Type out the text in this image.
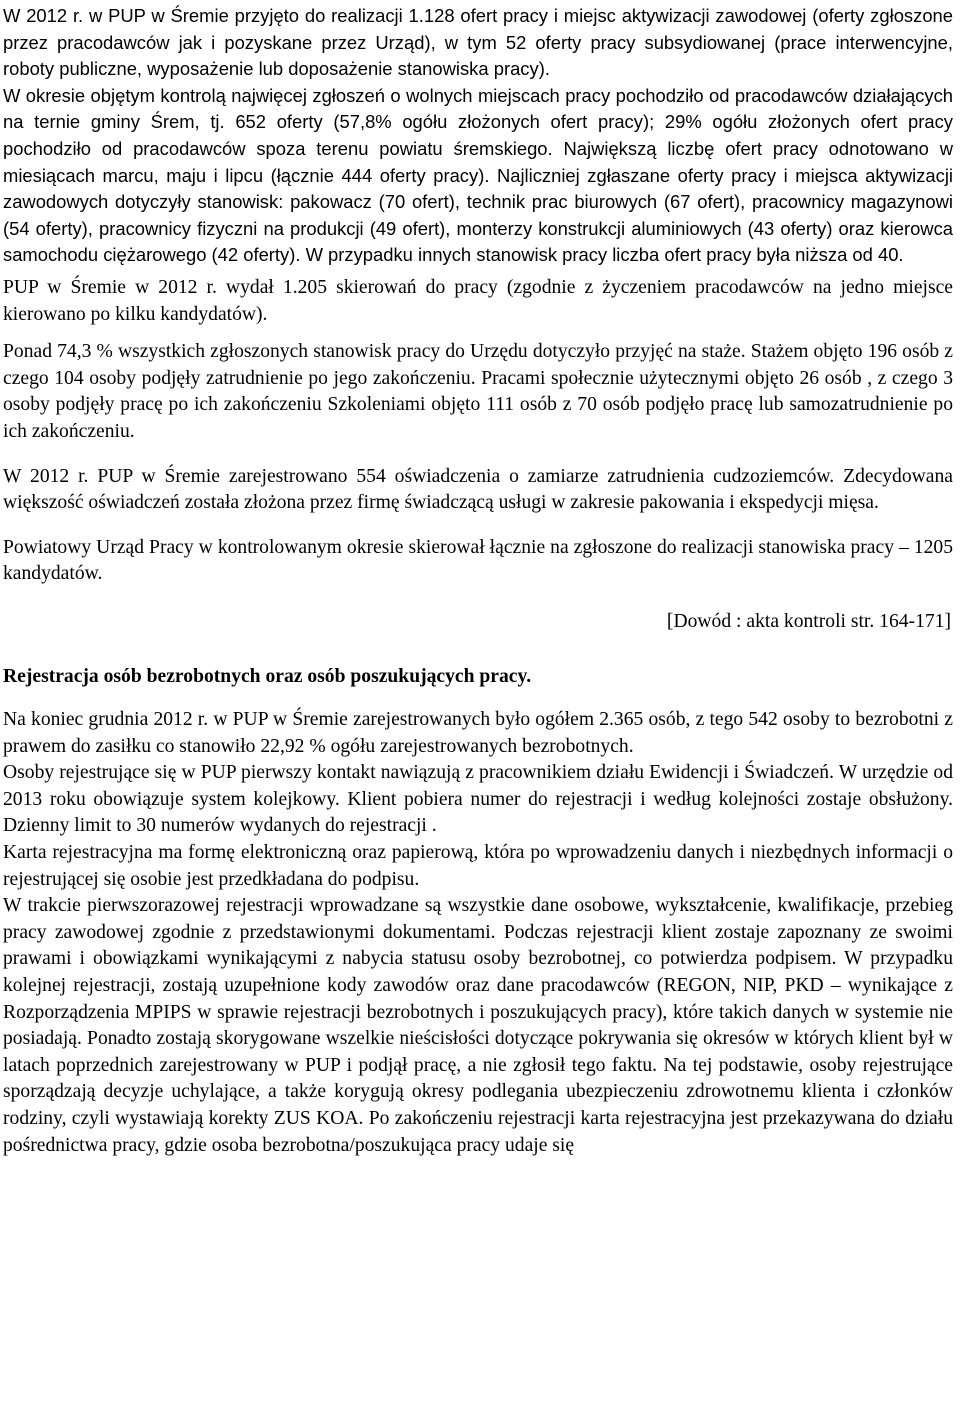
W 2012 r. w PUP w Śremie przyjęto do realizacji 1.128 ofert pracy i miejsc aktywizacji zawodowej (oferty zgłoszone przez pracodawców jak i pozyskane przez Urząd), w tym 52 oferty pracy subsydiowanej (prace interwencyjne, roboty publiczne, wyposażenie lub doposażenie stanowiska pracy).

W okresie objętym kontrolą najwięcej zgłoszeń o wolnych miejscach pracy pochodziło od pracodawców działających na ternie gminy Śrem, tj. 652 oferty (57,8% ogółu złożonych ofert pracy); 29% ogółu złożonych ofert pracy pochodziło od pracodawców spoza terenu powiatu śremskiego. Największą liczbę ofert pracy odnotowano w miesiącach marcu, maju i lipcu (łącznie 444 oferty pracy). Najliczniej zgłaszane oferty pracy i miejsca aktywizacji zawodowych dotyczyły stanowisk: pakowacz (70 ofert), technik prac biurowych (67 ofert), pracownicy magazynowi (54 oferty), pracownicy fizyczni na produkcji (49 ofert), monterzy konstrukcji aluminiowych (43 oferty) oraz kierowca samochodu ciężarowego (42 oferty). W przypadku innych stanowisk pracy liczba ofert pracy była niższa od 40.

PUP w Śremie w 2012 r. wydał 1.205 skierowań do pracy (zgodnie z życzeniem pracodawców na jedno miejsce kierowano po kilku kandydatów).

Ponad 74,3 % wszystkich zgłoszonych stanowisk pracy do Urzędu dotyczyło przyjęć na staże. Stażem objęto 196 osób z czego 104 osoby podjęły zatrudnienie po jego zakończeniu. Pracami społecznie użytecznymi objęto 26 osób , z czego 3 osoby podjęły pracę po ich zakończeniu Szkoleniami objęto 111 osób z 70 osób podjęło pracę lub samozatrudnienie po ich zakończeniu.

W 2012 r. PUP w Śremie zarejestrowano 554 oświadczenia o zamiarze zatrudnienia cudzoziemców. Zdecydowana większość oświadczeń została złożona przez firmę świadczącą usługi w zakresie pakowania i ekspedycji mięsa.

Powiatowy Urząd Pracy w kontrolowanym okresie skierował łącznie na zgłoszone do realizacji stanowiska pracy – 1205 kandydatów.

[Dowód : akta kontroli str. 164-171]

Rejestracja osób bezrobotnych oraz osób poszukujących pracy.

Na koniec grudnia 2012 r. w PUP w Śremie zarejestrowanych było ogółem 2.365 osób, z tego 542 osoby to bezrobotni z prawem do zasiłku co stanowiło 22,92 % ogółu zarejestrowanych bezrobotnych.

Osoby rejestrujące się w PUP pierwszy kontakt nawiązują z pracownikiem działu Ewidencji i Świadczeń. W urzędzie od 2013 roku obowiązuje system kolejkowy. Klient pobiera numer do rejestracji i według kolejności zostaje obsłużony. Dzienny limit to 30 numerów wydanych do rejestracji .

Karta rejestracyjna ma formę elektroniczną oraz papierową, która po wprowadzeniu danych i niezbędnych informacji o rejestrującej się osobie jest przedkładana do podpisu.

W trakcie pierwszorazowej rejestracji wprowadzane są wszystkie dane osobowe, wykształcenie, kwalifikacje, przebieg pracy zawodowej zgodnie z przedstawionymi dokumentami. Podczas rejestracji klient zostaje zapoznany ze swoimi prawami i obowiązkami wynikającymi z nabycia statusu osoby bezrobotnej, co potwierdza podpisem. W przypadku kolejnej rejestracji, zostają uzupełnione kody zawodów oraz dane pracodawców (REGON, NIP, PKD – wynikające z Rozporządzenia MPIPS w sprawie rejestracji bezrobotnych i poszukujących pracy), które takich danych w systemie nie posiadają. Ponadto zostają skorygowane wszelkie nieścisłości dotyczące pokrywania się okresów w których klient był w latach poprzednich zarejestrowany w PUP i podjął pracę, a nie zgłosił tego faktu. Na tej podstawie, osoby rejestrujące sporządzają decyzje uchylające, a także korygują okresy podlegania ubezpieczeniu zdrowotnemu klienta i członków rodziny, czyli wystawiają korekty ZUS KOA. Po zakończeniu rejestracji karta rejestracyjna jest przekazywana do działu pośrednictwa pracy, gdzie osoba bezrobotna/poszukująca pracy udaje się
